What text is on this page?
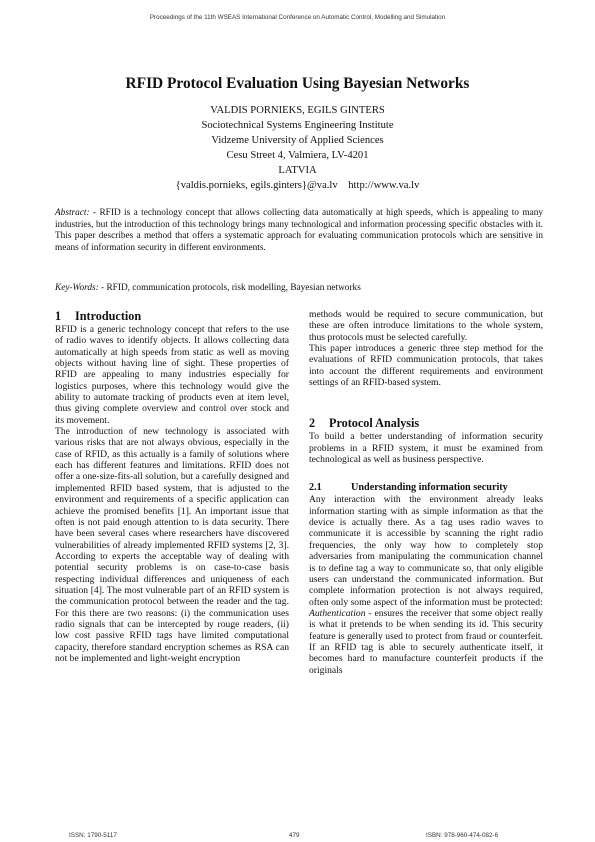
Proceedings of the 11th WSEAS International Conference on Automatic Control, Modelling and Simulation
RFID Protocol Evaluation Using Bayesian Networks
VALDIS PORNIEKS, EGILS GINTERS
Sociotechnical Systems Engineering Institute
Vidzeme University of Applied Sciences
Cesu Street 4, Valmiera, LV-4201
LATVIA
{valdis.pornieks, egils.ginters}@va.lv    http://www.va.lv
Abstract: - RFID is a technology concept that allows collecting data automatically at high speeds, which is appealing to many industries, but the introduction of this technology brings many technological and information processing specific obstacles with it. This paper describes a method that offers a systematic approach for evaluating communication protocols which are sensitive in means of information security in different environments.
Key-Words: - RFID, communication protocols, risk modelling, Bayesian networks
1 Introduction

RFID is a generic technology concept that refers to the use of radio waves to identify objects. It allows collecting data automatically at high speeds from static as well as moving objects without having line of sight. These properties of RFID are appealing to many industries especially for logistics purposes, where this technology would give the ability to automate tracking of products even at item level, thus giving complete overview and control over stock and its movement.

The introduction of new technology is associated with various risks that are not always obvious, especially in the case of RFID, as this actually is a family of solutions where each has different features and limitations. RFID does not offer a one-size-fits-all solution, but a carefully designed and implemented RFID based system, that is adjusted to the environment and requirements of a specific application can achieve the promised benefits [1]. An important issue that often is not paid enough attention to is data security. There have been several cases where researchers have discovered vulnerabilities of already implemented RFID systems [2, 3]. According to experts the acceptable way of dealing with potential security problems is on case-to-case basis respecting individual differences and uniqueness of each situation [4]. The most vulnerable part of an RFID system is the communication protocol between the reader and the tag. For this there are two reasons: (i) the communication uses radio signals that can be intercepted by rouge readers, (ii) low cost passive RFID tags have limited computational capacity, therefore standard encryption schemes as RSA can not be implemented and light-weight encryption

methods would be required to secure communication, but these are often introduce limitations to the whole system, thus protocols must be selected carefully.

This paper introduces a generic three step method for the evaluations of RFID communication protocols, that takes into account the different requirements and environment settings of an RFID-based system.

2 Protocol Analysis

To build a better understanding of information security problems in a RFID system, it must be examined from technological as well as business perspective.

2.1	Understanding information security

Any interaction with the environment already leaks information starting with as simple information as that the device is actually there. As a tag uses radio waves to communicate it is accessible by scanning the right radio frequencies, the only way how to completely stop adversaries from manipulating the communication channel is to define tag a way to communicate so, that only eligible users can understand the communicated information. But complete information protection is not always required, often only some aspect of the information must be protected:

Authentication - ensures the receiver that some object really is what it pretends to be when sending its id. This security feature is generally used to protect from fraud or counterfeit. If an RFID tag is able to securely authenticate itself, it becomes hard to manufacture counterfeit products if the originals

ISSN: 1790-5117	479	ISBN: 978-960-474-082-6
